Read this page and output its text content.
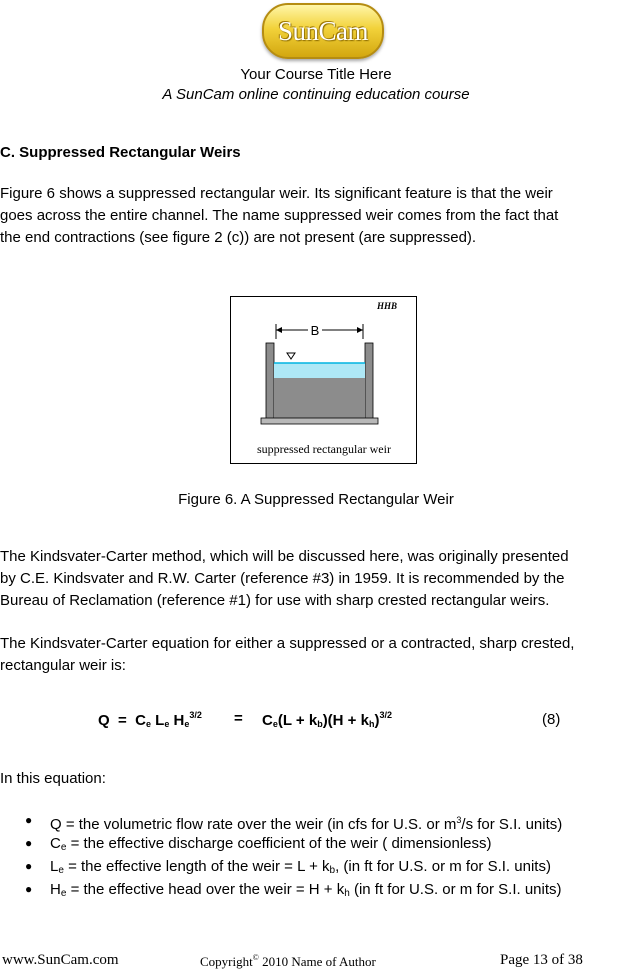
SunCam
Your Course Title Here
A SunCam online continuing education course
C. Suppressed Rectangular Weirs

Figure 6 shows a suppressed rectangular weir. Its significant feature is that the weir

goes across the entire channel. The name suppressed weir comes from the fact that

the end contractions (see figure 2 (c)) are not present (are suppressed).

HHB
B
suppressed rectangular weir
Figure 6. A Suppressed Rectangular Weir

The Kindsvater-Carter method, which will be discussed here, was originally presented

by C.E. Kindsvater and R.W. Carter (reference #3) in 1959. It is recommended by the

Bureau of Reclamation (reference #1) for use with sharp crested rectangular weirs.

The Kindsvater-Carter equation for either a suppressed or a contracted, sharp crested,

rectangular weir is:

$Q = C_e$ $L_e$ $H_e^{3/2} = C_e(L + k_b)(H + k_h)^{3/2}$	(8)
In this equation:
● Q = the volumetric flow rate over the weir (in cfs for U.S. or $m^3/s$ for S.I. units)
● $C_e$ = the effective discharge coefficient of the weir ( dimensionless)
● $L_e$ = the effective length of the weir = $L + k_b$, (in ft for U.S. or m for S.I. units)
● $H_e$ = the effective head over the weir = $H + k_h$ (in ft for U.S. or m for S.I. units)
www.SunCam.com	Copyright© 2010 Name of Author	Page 13 of 38
